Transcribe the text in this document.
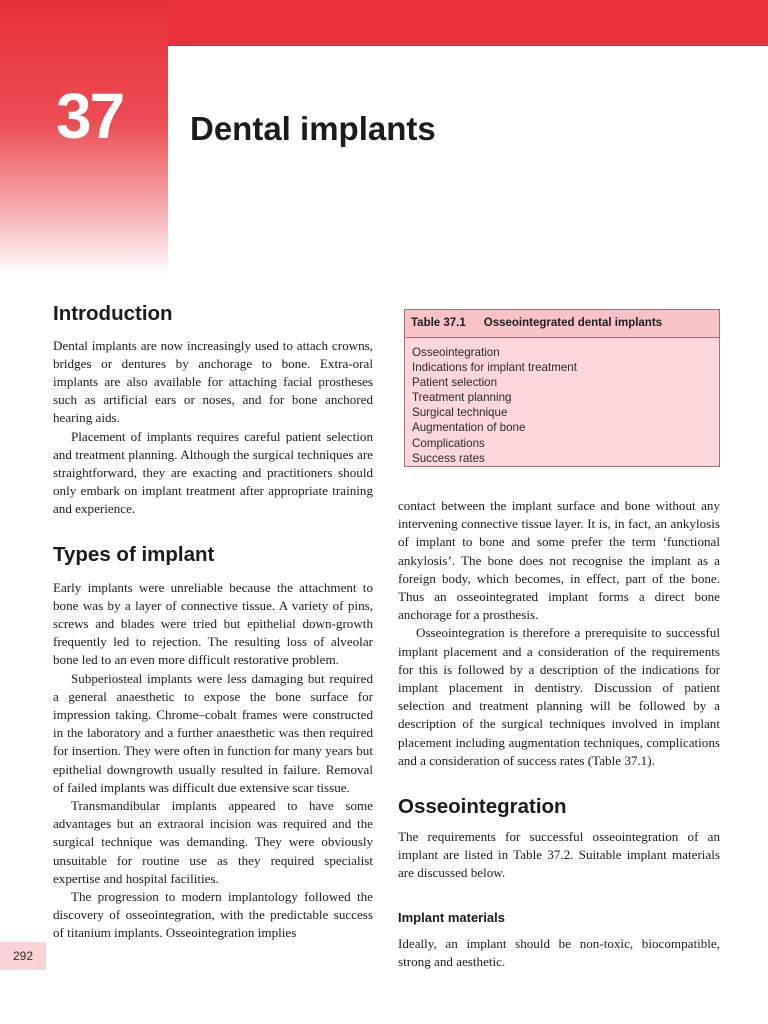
37 Dental implants
Introduction

Dental implants are now increasingly used to attach crowns, bridges or dentures by anchorage to bone. Extra-oral implants are also available for attaching facial prostheses such as artificial ears or noses, and for bone anchored hearing aids.

Placement of implants requires careful patient selection and treatment planning. Although the surgical techniques are straightforward, they are exacting and practitioners should only embark on implant treatment after appropriate training and experience.

Types of implant

Early implants were unreliable because the attachment to bone was by a layer of connective tissue. A variety of pins, screws and blades were tried but epithelial down-growth frequently led to rejection. The resulting loss of alveolar bone led to an even more difficult restorative problem.

Subperiosteal implants were less damaging but required a general anaesthetic to expose the bone surface for impression taking. Chrome–cobalt frames were constructed in the laboratory and a further anaesthetic was then required for insertion. They were often in function for many years but epithelial downgrowth usually resulted in failure. Removal of failed implants was difficult due extensive scar tissue.

Transmandibular implants appeared to have some advantages but an extraoral incision was required and the surgical technique was demanding. They were obviously unsuitable for routine use as they required specialist expertise and hospital facilities.

The progression to modern implantology followed the discovery of osseointegration, with the predictable success of titanium implants. Osseointegration implies

Table 37.1 Osseointegrated dental implants
Osseointegration
Indications for implant treatment
Patient selection
Treatment planning
Surgical technique
Augmentation of bone
Complications
Success rates

contact between the implant surface and bone without any intervening connective tissue layer. It is, in fact, an ankylosis of implant to bone and some prefer the term ‘functional ankylosis’. The bone does not recognise the implant as a foreign body, which becomes, in effect, part of the bone. Thus an osseointegrated implant forms a direct bone anchorage for a prosthesis.

Osseointegration is therefore a prerequisite to successful implant placement and a consideration of the requirements for this is followed by a description of the indications for implant placement in dentistry. Discussion of patient selection and treatment planning will be followed by a description of the surgical techniques involved in implant placement including augmentation techniques, complications and a consideration of success rates (Table 37.1).

Osseointegration

The requirements for successful osseointegration of an implant are listed in Table 37.2. Suitable implant materials are discussed below.

Implant materials

Ideally, an implant should be non-toxic, biocompatible, strong and aesthetic.

292
